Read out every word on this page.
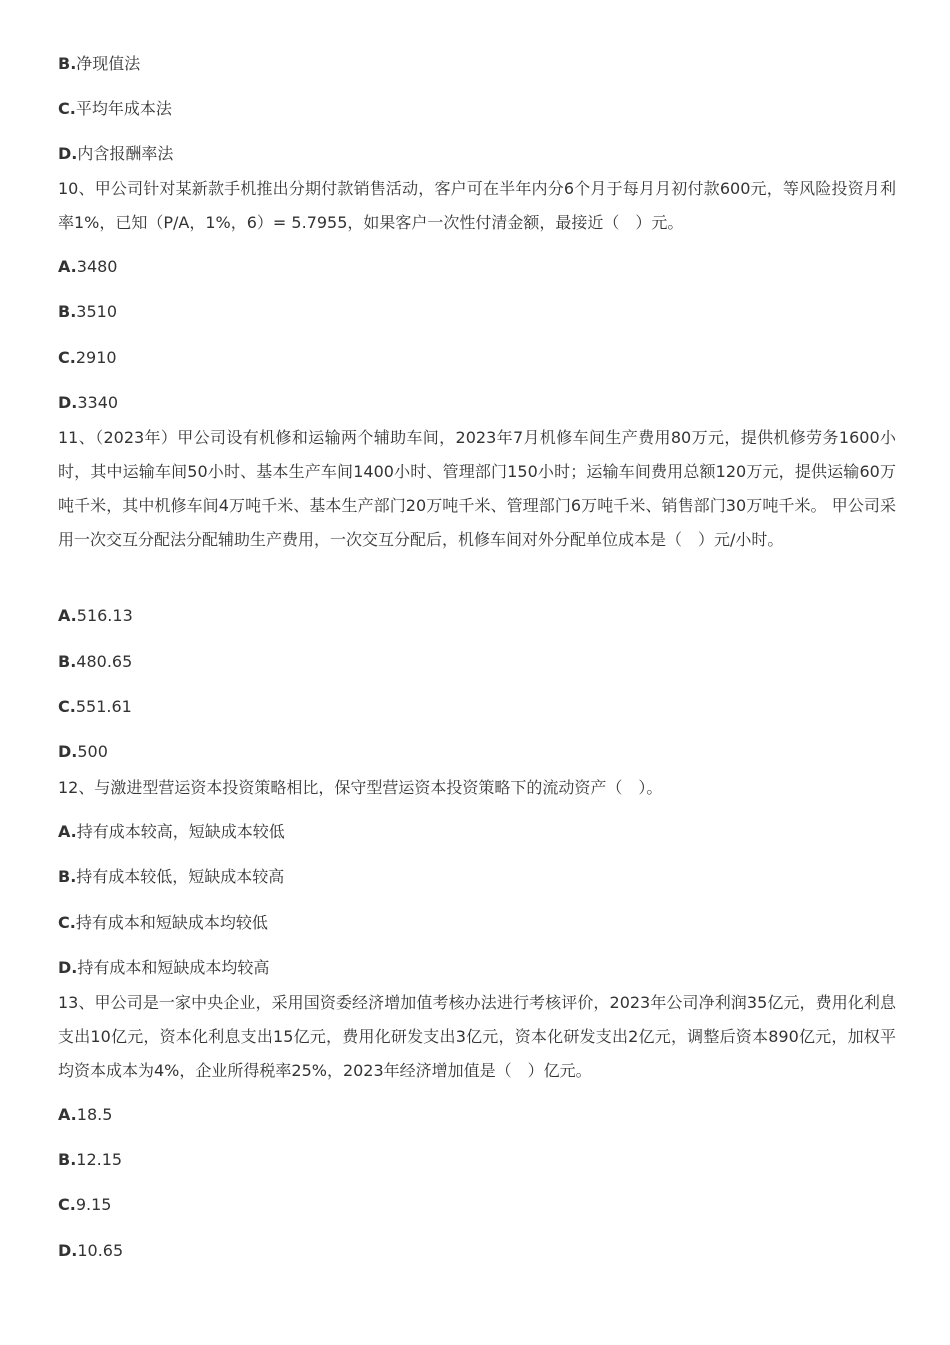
B.净现值法
C.平均年成本法
D.内含报酬率法
10、甲公司针对某新款手机推出分期付款销售活动，客户可在半年内分6个月于每月月初付款600元，等风险投资月利率1%，已知（P/A，1%，6）= 5.7955，如果客户一次性付清金额，最接近（　）元。
A.3480
B.3510
C.2910
D.3340
11、（2023年）甲公司设有机修和运输两个辅助车间，2023年7月机修车间生产费用80万元，提供机修劳务1600小时，其中运输车间50小时、基本生产车间1400小时、管理部门150小时；运输车间费用总额120万元，提供运输60万吨千米，其中机修车间4万吨千米、基本生产部门20万吨千米、管理部门6万吨千米、销售部门30万吨千米。 甲公司采用一次交互分配法分配辅助生产费用，一次交互分配后，机修车间对外分配单位成本是（　）元/小时。
A.516.13
B.480.65
C.551.61
D.500
12、与激进型营运资本投资策略相比，保守型营运资本投资策略下的流动资产（　）。
A.持有成本较高，短缺成本较低
B.持有成本较低，短缺成本较高
C.持有成本和短缺成本均较低
D.持有成本和短缺成本均较高
13、甲公司是一家中央企业，采用国资委经济增加值考核办法进行考核评价，2023年公司净利润35亿元，费用化利息支出10亿元，资本化利息支出15亿元，费用化研发支出3亿元，资本化研发支出2亿元，调整后资本890亿元，加权平均资本成本为4%，企业所得税率25%，2023年经济增加值是（　）亿元。
A.18.5
B.12.15
C.9.15
D.10.65
